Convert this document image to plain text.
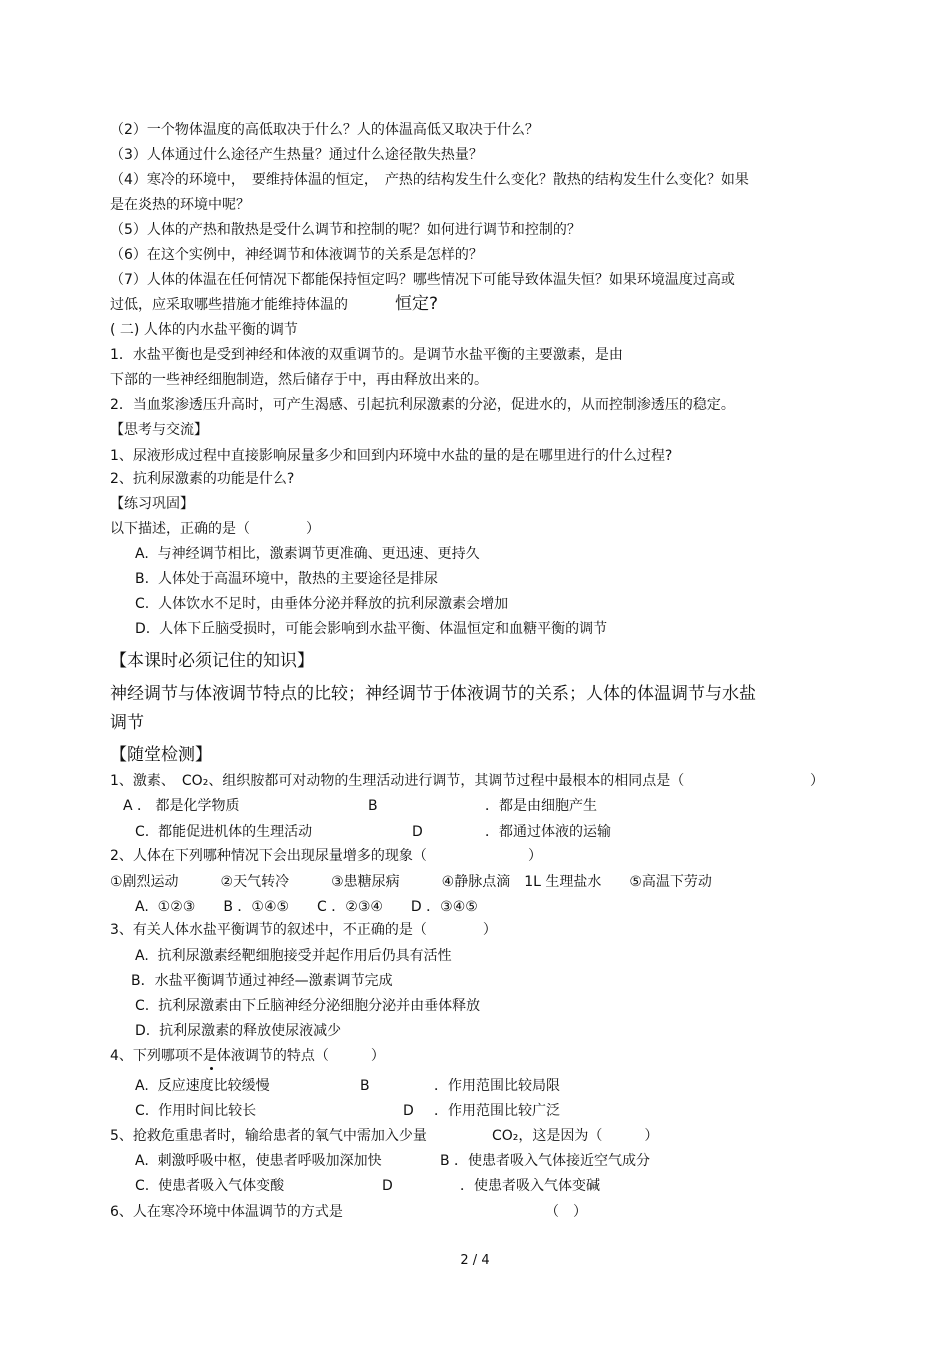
（2）一个物体温度的高低取决于什么？人的体温高低又取决于什么？
（3）人体通过什么途径产生热量？通过什么途径散失热量？
（4）寒冷的环境中，　要维持体温的恒定，　产热的结构发生什么变化？散热的结构发生什么变化？如果
是在炎热的环境中呢？
（5）人体的产热和散热是受什么调节和控制的呢？如何进行调节和控制的？
（6）在这个实例中，神经调节和体液调节的关系是怎样的？
（7）人体的体温在任何情况下都能保持恒定吗？哪些情况下可能导致体温失恒？如果环境温度过高或
过低，应采取哪些措施才能维持体温的	恒定?
( 二) 人体的内水盐平衡的调节
1．水盐平衡也是受到神经和体液的双重调节的。是调节水盐平衡的主要激素，是由
下部的一些神经细胞制造，然后储存于中，再由释放出来的。
2．当血浆渗透压升高时，可产生渴感、引起抗利尿激素的分泌，促进水的，从而控制渗透压的稳定。
【思考与交流】
1、尿液形成过程中直接影响尿量多少和回到内环境中水盐的量的是在哪里进行的什么过程?
2、抗利尿激素的功能是什么?
【练习巩固】
以下描述，正确的是（　　　　）
A.  与神经调节相比，激素调节更准确、更迅速、更持久
B.  人体处于高温环境中，散热的主要途径是排尿
C.  人体饮水不足时，由垂体分泌并释放的抗利尿激素会增加
D.  人体下丘脑受损时，可能会影响到水盐平衡、体温恒定和血糖平衡的调节
【本课时必须记住的知识】
神经调节与体液调节特点的比较；神经调节于体液调节的关系；人体的体温调节与水盐
调节
【随堂检测】
1、激素、　CO₂、组织胺都可对动物的生理活动进行调节，其调节过程中最根本的相同点是（	）
A ． 都是化学物质	B	．都是由细胞产生
C.  都能促进机体的生理活动	D	．都通过体液的运输
2、人体在下列哪种情况下会出现尿量增多的现象（	）
①剧烈运动　　　②天气转冷　　　③患糖尿病　　　④静脉点滴　1L 生理盐水　　⑤高温下劳动
A.  ①②③　　B ．①④⑤　　C ．②③④　　D ．③④⑤
3、有关人体水盐平衡调节的叙述中，不正确的是（　　　　）
A.  抗利尿激素经靶细胞接受并起作用后仍具有活性
B．水盐平衡调节通过神经—激素调节完成
C.  抗利尿激素由下丘脑神经分泌细胞分泌并由垂体释放
D.  抗利尿激素的释放使尿液减少
4、下列哪项不是体液调节的特点（　　　）
A.  反应速度比较缓慢	B	．作用范围比较局限
C.  作用时间比较长	D ．作用范围比较广泛
5、抢救危重患者时，输给患者的氧气中需加入少量	CO₂，这是因为（　　　）
A.  刺激呼吸中枢，使患者呼吸加深加快	B ．使患者吸入气体接近空气成分
C.  使患者吸入气体变酸	D	．使患者吸入气体变碱
6、人在寒冷环境中体温调节的方式是	（　）
2 / 4
